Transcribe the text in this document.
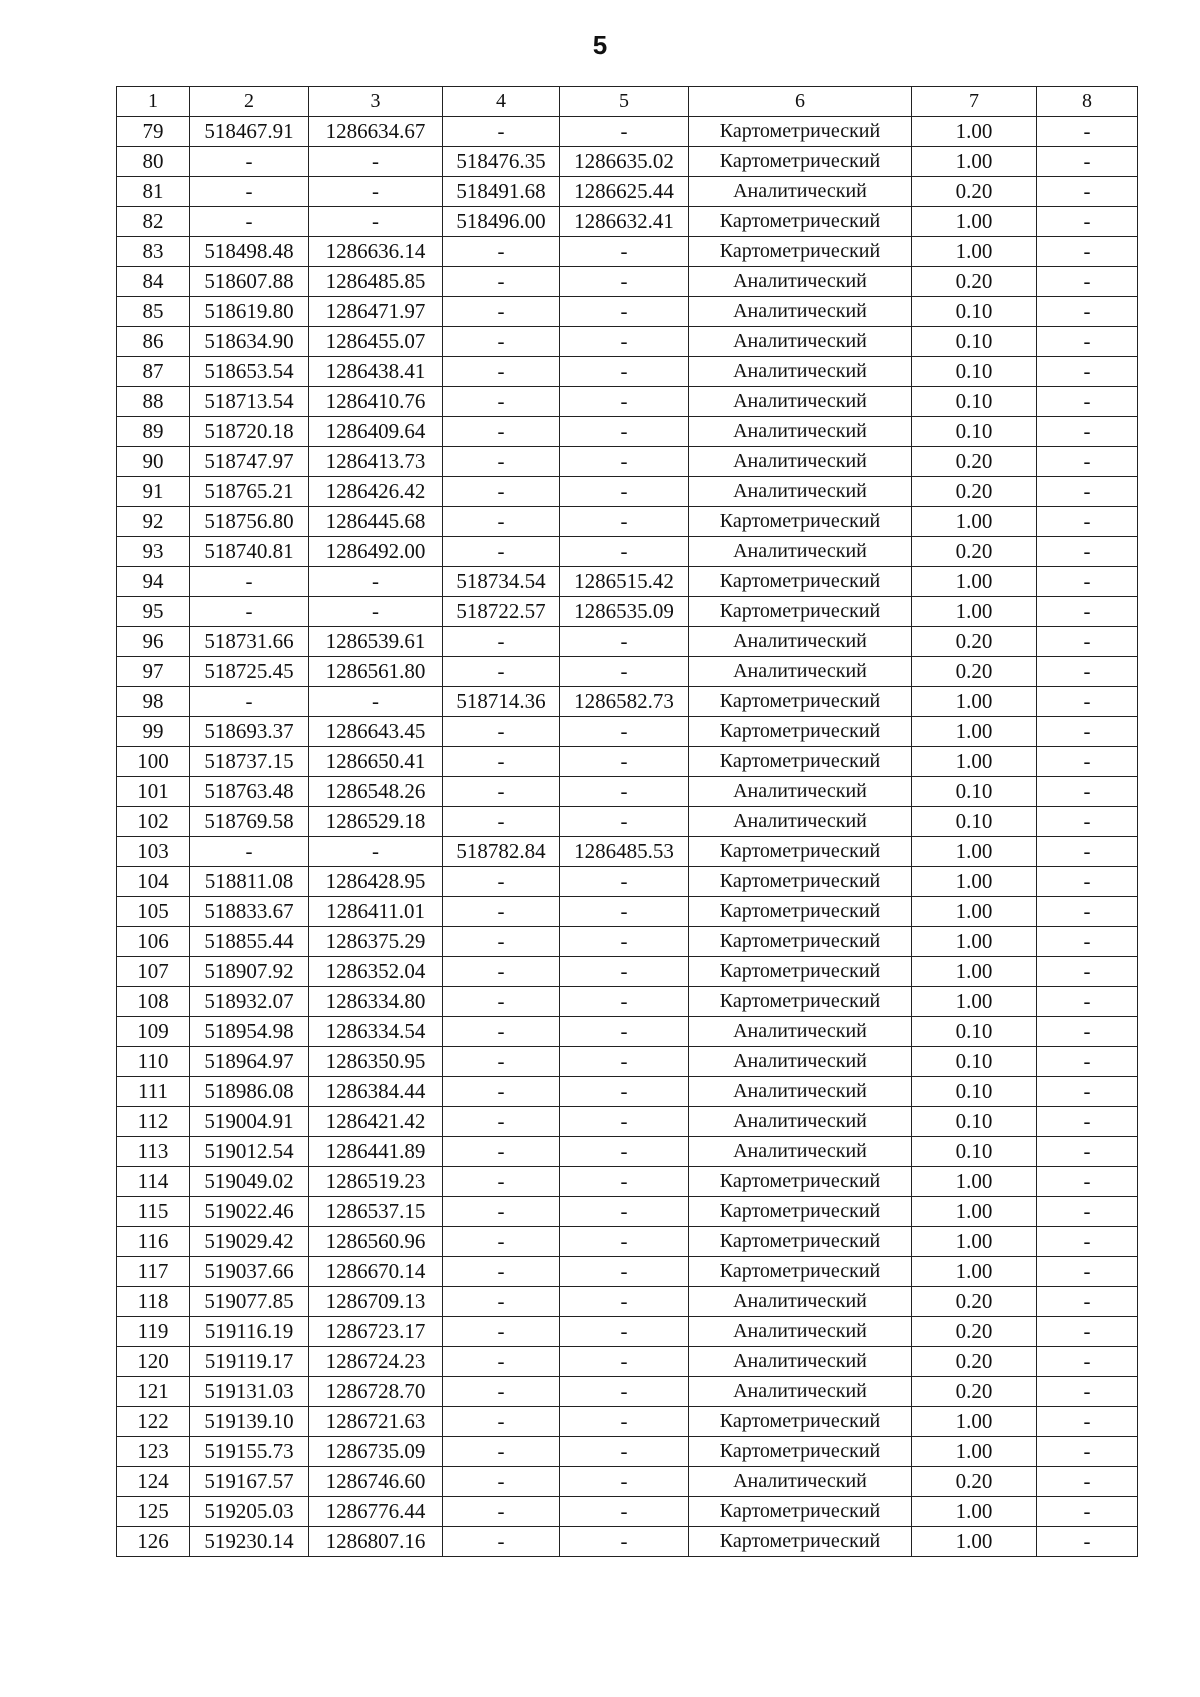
5
1	2	3	4	5	6	7	8
79	518467.91	1286634.67	-	-	Картометрический	1.00	-
80	-	-	518476.35	1286635.02	Картометрический	1.00	-
81	-	-	518491.68	1286625.44	Аналитический	0.20	-
82	-	-	518496.00	1286632.41	Картометрический	1.00	-
83	518498.48	1286636.14	-	-	Картометрический	1.00	-
84	518607.88	1286485.85	-	-	Аналитический	0.20	-
85	518619.80	1286471.97	-	-	Аналитический	0.10	-
86	518634.90	1286455.07	-	-	Аналитический	0.10	-
87	518653.54	1286438.41	-	-	Аналитический	0.10	-
88	518713.54	1286410.76	-	-	Аналитический	0.10	-
89	518720.18	1286409.64	-	-	Аналитический	0.10	-
90	518747.97	1286413.73	-	-	Аналитический	0.20	-
91	518765.21	1286426.42	-	-	Аналитический	0.20	-
92	518756.80	1286445.68	-	-	Картометрический	1.00	-
93	518740.81	1286492.00	-	-	Аналитический	0.20	-
94	-	-	518734.54	1286515.42	Картометрический	1.00	-
95	-	-	518722.57	1286535.09	Картометрический	1.00	-
96	518731.66	1286539.61	-	-	Аналитический	0.20	-
97	518725.45	1286561.80	-	-	Аналитический	0.20	-
98	-	-	518714.36	1286582.73	Картометрический	1.00	-
99	518693.37	1286643.45	-	-	Картометрический	1.00	-
100	518737.15	1286650.41	-	-	Картометрический	1.00	-
101	518763.48	1286548.26	-	-	Аналитический	0.10	-
102	518769.58	1286529.18	-	-	Аналитический	0.10	-
103	-	-	518782.84	1286485.53	Картометрический	1.00	-
104	518811.08	1286428.95	-	-	Картометрический	1.00	-
105	518833.67	1286411.01	-	-	Картометрический	1.00	-
106	518855.44	1286375.29	-	-	Картометрический	1.00	-
107	518907.92	1286352.04	-	-	Картометрический	1.00	-
108	518932.07	1286334.80	-	-	Картометрический	1.00	-
109	518954.98	1286334.54	-	-	Аналитический	0.10	-
110	518964.97	1286350.95	-	-	Аналитический	0.10	-
111	518986.08	1286384.44	-	-	Аналитический	0.10	-
112	519004.91	1286421.42	-	-	Аналитический	0.10	-
113	519012.54	1286441.89	-	-	Аналитический	0.10	-
114	519049.02	1286519.23	-	-	Картометрический	1.00	-
115	519022.46	1286537.15	-	-	Картометрический	1.00	-
116	519029.42	1286560.96	-	-	Картометрический	1.00	-
117	519037.66	1286670.14	-	-	Картометрический	1.00	-
118	519077.85	1286709.13	-	-	Аналитический	0.20	-
119	519116.19	1286723.17	-	-	Аналитический	0.20	-
120	519119.17	1286724.23	-	-	Аналитический	0.20	-
121	519131.03	1286728.70	-	-	Аналитический	0.20	-
122	519139.10	1286721.63	-	-	Картометрический	1.00	-
123	519155.73	1286735.09	-	-	Картометрический	1.00	-
124	519167.57	1286746.60	-	-	Аналитический	0.20	-
125	519205.03	1286776.44	-	-	Картометрический	1.00	-
126	519230.14	1286807.16	-	-	Картометрический	1.00	-
